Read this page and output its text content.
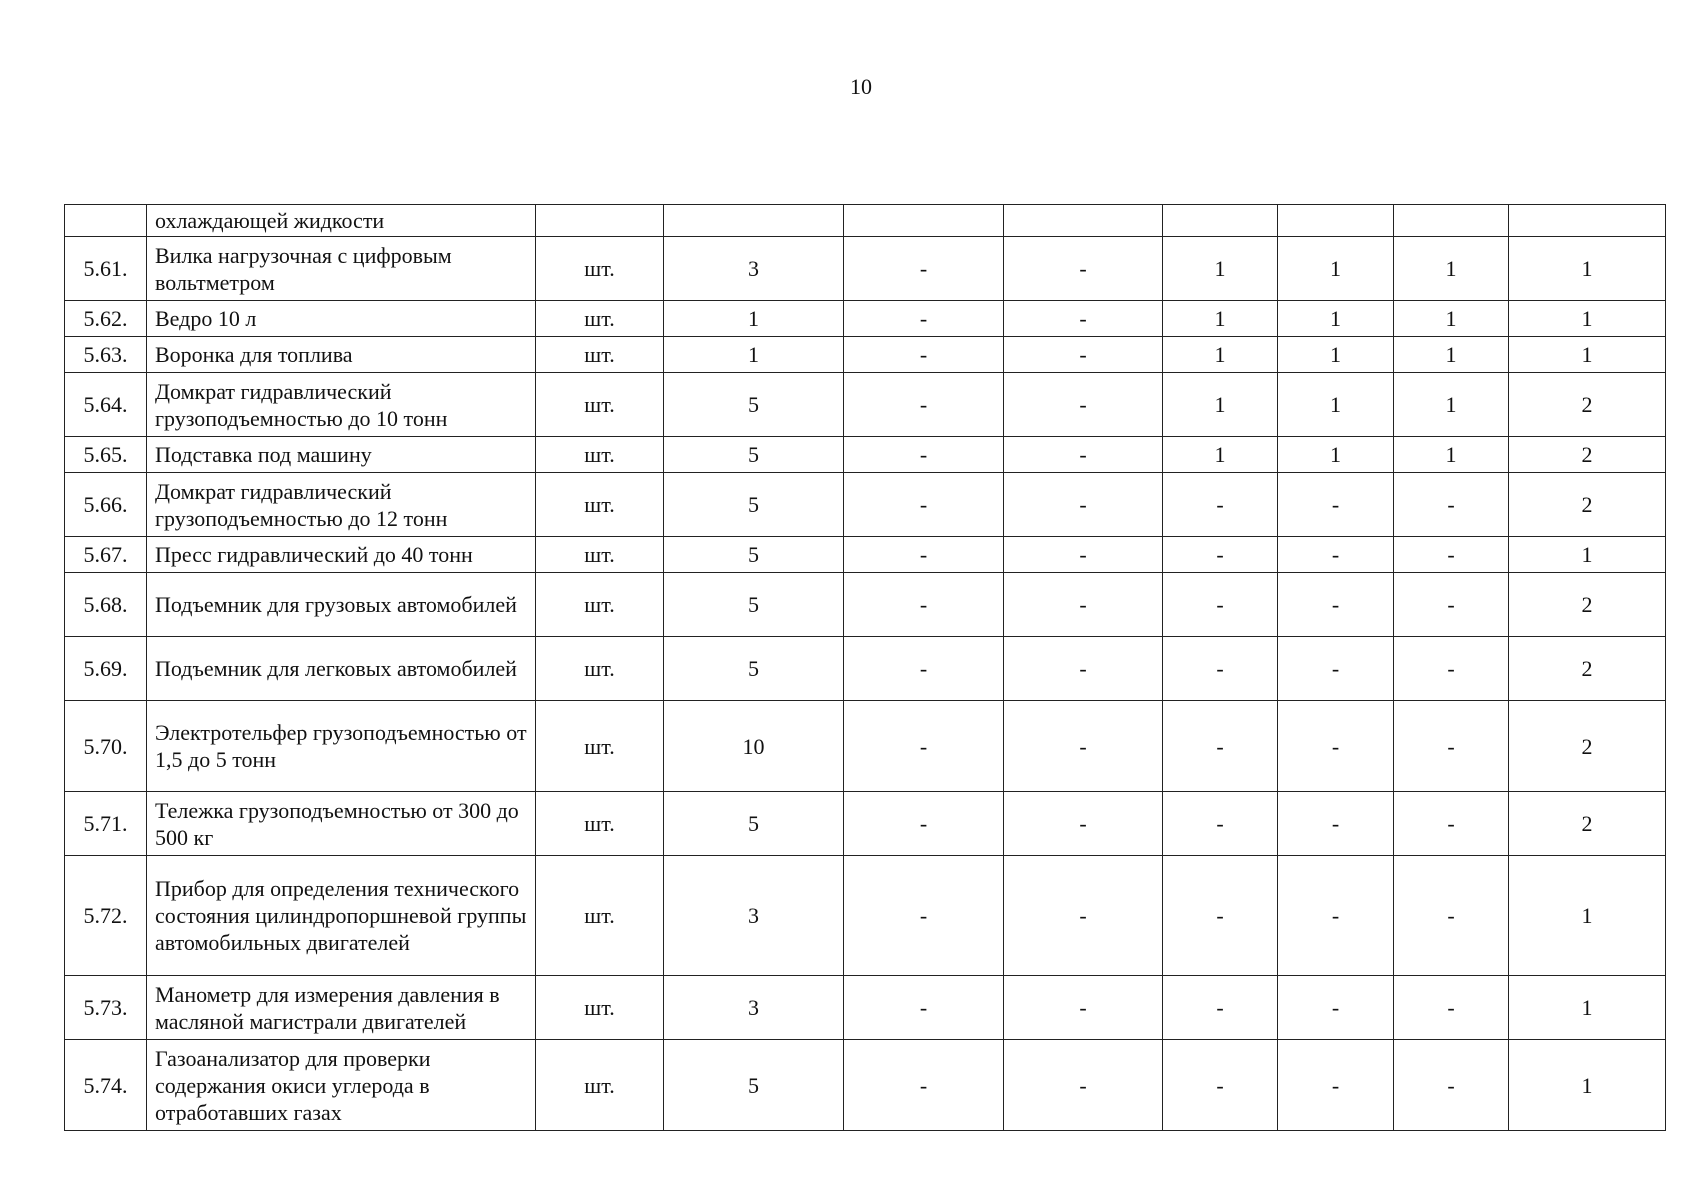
10
	охлаждающей жидкости								
5.61.	Вилка нагрузочная с цифровым вольтметром	шт.	3	-	-	1	1	1	1
5.62.	Ведро 10 л	шт.	1	-	-	1	1	1	1
5.63.	Воронка для топлива	шт.	1	-	-	1	1	1	1
5.64.	Домкрат гидравлический грузоподъемностью до 10 тонн	шт.	5	-	-	1	1	1	2
5.65.	Подставка под машину	шт.	5	-	-	1	1	1	2
5.66.	Домкрат гидравлический грузоподъемностью до 12 тонн	шт.	5	-	-	-	-	-	2
5.67.	Пресс гидравлический до 40 тонн	шт.	5	-	-	-	-	-	1
5.68.	Подъемник для грузовых автомобилей	шт.	5	-	-	-	-	-	2
5.69.	Подъемник для легковых автомобилей	шт.	5	-	-	-	-	-	2
5.70.	Электротельфер грузоподъемностью от 1,5 до 5 тонн	шт.	10	-	-	-	-	-	2
5.71.	Тележка грузоподъемностью от 300 до 500 кг	шт.	5	-	-	-	-	-	2
5.72.	Прибор для определения технического состояния цилиндропоршневой группы автомобильных двигателей	шт.	3	-	-	-	-	-	1
5.73.	Манометр для измерения давления в масляной магистрали двигателей	шт.	3	-	-	-	-	-	1
5.74.	Газоанализатор для проверки содержания окиси углерода в отработавших газах	шт.	5	-	-	-	-	-	1
